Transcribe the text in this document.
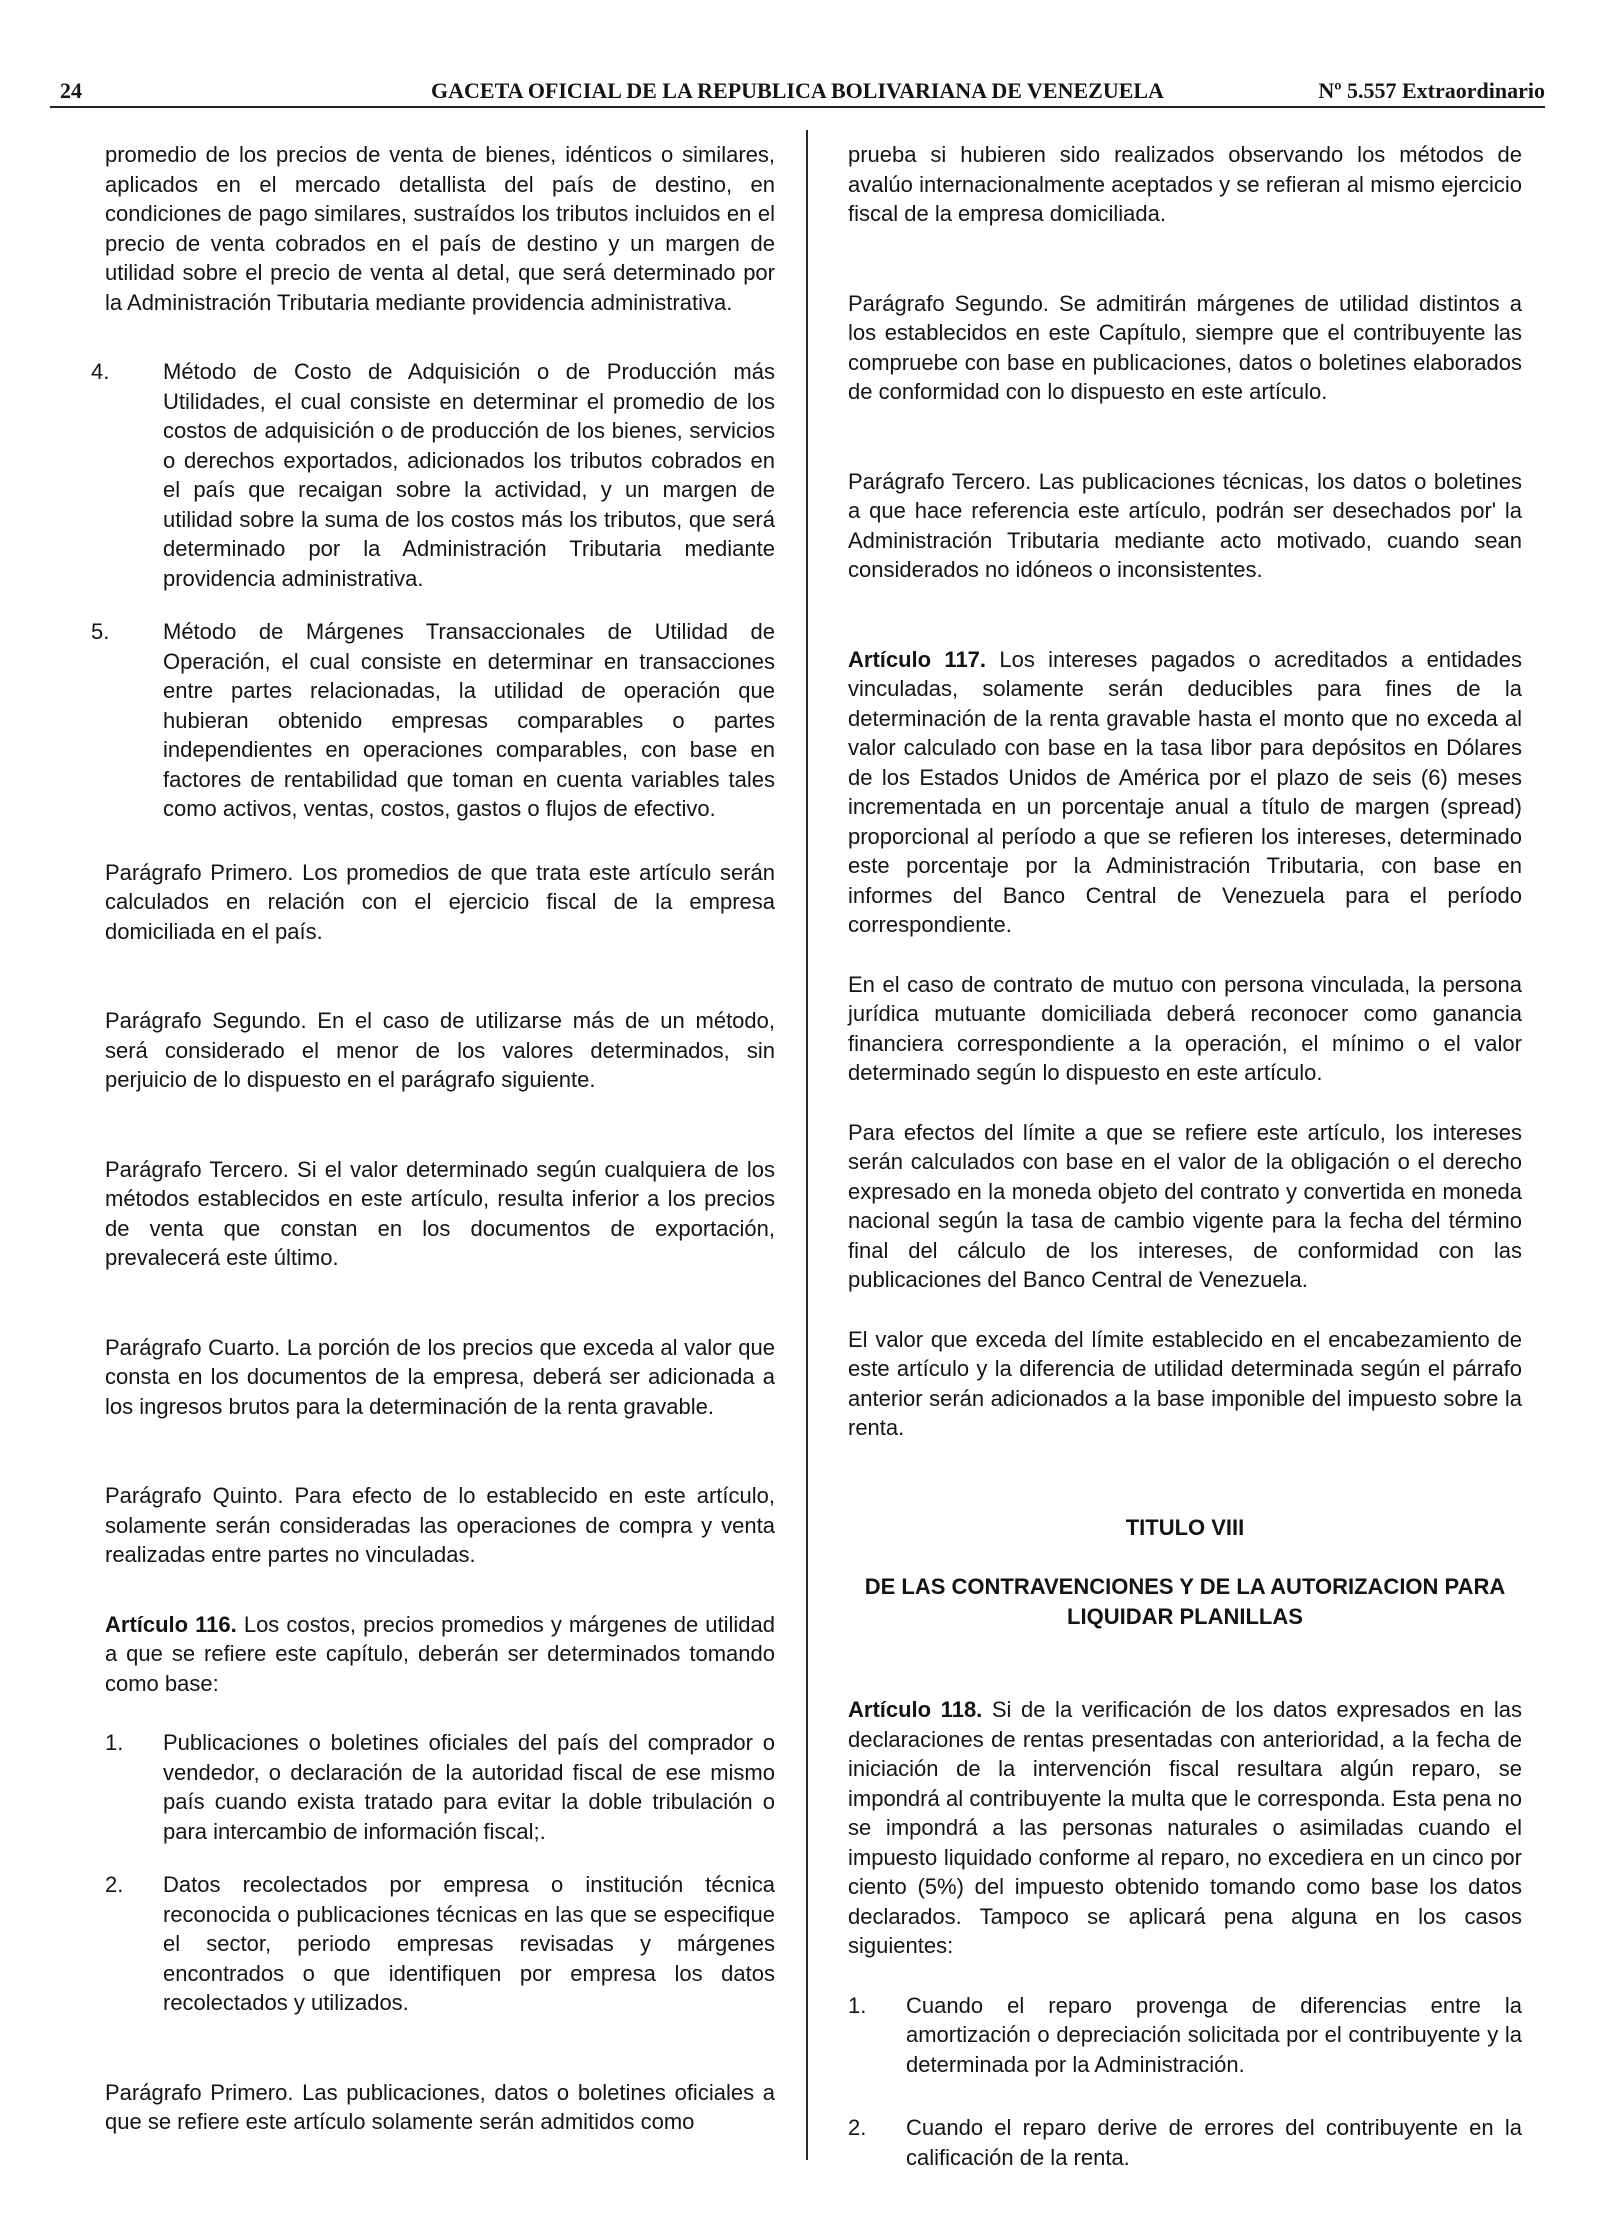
24	GACETA OFICIAL DE LA REPUBLICA BOLIVARIANA DE VENEZUELA	Nº 5.557 Extraordinario

promedio de los precios de venta de bienes, idénticos o similares, aplicados en el mercado detallista del país de destino, en condiciones de pago similares, sustraídos los tributos incluidos en el precio de venta cobrados en el país de destino y un margen de utilidad sobre el precio de venta al detal, que será determinado por la Administración Tributaria mediante providencia administrativa.

4. Método de Costo de Adquisición o de Producción más Utilidades, el cual consiste en determinar el promedio de los costos de adquisición o de producción de los bienes, servicios o derechos exportados, adicionados los tributos cobrados en el país que recaigan sobre la actividad, y un margen de utilidad sobre la suma de los costos más los tributos, que será determinado por la Administración Tributaria mediante providencia administrativa.
5. Método de Márgenes Transaccionales de Utilidad de Operación, el cual consiste en determinar en transacciones entre partes relacionadas, la utilidad de operación que hubieran obtenido empresas comparables o partes independientes en operaciones comparables, con base en factores de rentabilidad que toman en cuenta variables tales como activos, ventas, costos, gastos o flujos de efectivo.

Parágrafo Primero. Los promedios de que trata este artículo serán calculados en relación con el ejercicio fiscal de la empresa domiciliada en el país.

Parágrafo Segundo. En el caso de utilizarse más de un método, será considerado el menor de los valores determinados, sin perjuicio de lo dispuesto en el parágrafo siguiente.

Parágrafo Tercero. Si el valor determinado según cualquiera de los métodos establecidos en este artículo, resulta inferior a los precios de venta que constan en los documentos de exportación, prevalecerá este último.

Parágrafo Cuarto. La porción de los precios que exceda al valor que consta en los documentos de la empresa, deberá ser adicionada a los ingresos brutos para la determinación de la renta gravable.

Parágrafo Quinto. Para efecto de lo establecido en este artículo, solamente serán consideradas las operaciones de compra y venta realizadas entre partes no vinculadas.

Artículo 116. Los costos, precios promedios y márgenes de utilidad a que se refiere este capítulo, deberán ser determinados tomando como base:

1. Publicaciones o boletines oficiales del país del comprador o vendedor, o declaración de la autoridad fiscal de ese mismo país cuando exista tratado para evitar la doble tribulación o para intercambio de información fiscal;.
2. Datos recolectados por empresa o institución técnica reconocida o publicaciones técnicas en las que se especifique el sector, periodo empresas revisadas y márgenes encontrados o que identifiquen por empresa los datos recolectados y utilizados.

Parágrafo Primero. Las publicaciones, datos o boletines oficiales a que se refiere este artículo solamente serán admitidos como

prueba si hubieren sido realizados observando los métodos de avalúo internacionalmente aceptados y se refieran al mismo ejercicio fiscal de la empresa domiciliada.

Parágrafo Segundo. Se admitirán márgenes de utilidad distintos a los establecidos en este Capítulo, siempre que el contribuyente las compruebe con base en publicaciones, datos o boletines elaborados de conformidad con lo dispuesto en este artículo.

Parágrafo Tercero. Las publicaciones técnicas, los datos o boletines a que hace referencia este artículo, podrán ser desechados por' la Administración Tributaria mediante acto motivado, cuando sean considerados no idóneos o inconsistentes.

Artículo 117. Los intereses pagados o acreditados a entidades vinculadas, solamente serán deducibles para fines de la determinación de la renta gravable hasta el monto que no exceda al valor calculado con base en la tasa libor para depósitos en Dólares de los Estados Unidos de América por el plazo de seis (6) meses incrementada en un porcentaje anual a título de margen (spread) proporcional al período a que se refieren los intereses, determinado este porcentaje por la Administración Tributaria, con base en informes del Banco Central de Venezuela para el período correspondiente.

En el caso de contrato de mutuo con persona vinculada, la persona jurídica mutuante domiciliada deberá reconocer como ganancia financiera correspondiente a la operación, el mínimo o el valor determinado según lo dispuesto en este artículo.

Para efectos del límite a que se refiere este artículo, los intereses serán calculados con base en el valor de la obligación o el derecho expresado en la moneda objeto del contrato y convertida en moneda nacional según la tasa de cambio vigente para la fecha del término final del cálculo de los intereses, de conformidad con las publicaciones del Banco Central de Venezuela.

El valor que exceda del límite establecido en el encabezamiento de este artículo y la diferencia de utilidad determinada según el párrafo anterior serán adicionados a la base imponible del impuesto sobre la renta.

TITULO VIII
DE LAS CONTRAVENCIONES Y DE LA AUTORIZACION PARA LIQUIDAR PLANILLAS

Artículo 118. Si de la verificación de los datos expresados en las declaraciones de rentas presentadas con anterioridad, a la fecha de iniciación de la intervención fiscal resultara algún reparo, se impondrá al contribuyente la multa que le corresponda. Esta pena no se impondrá a las personas naturales o asimiladas cuando el impuesto liquidado conforme al reparo, no excediera en un cinco por ciento (5%) del impuesto obtenido tomando como base los datos declarados. Tampoco se aplicará pena alguna en los casos siguientes:

1. Cuando el reparo provenga de diferencias entre la amortización o depreciación solicitada por el contribuyente y la determinada por la Administración.
2. Cuando el reparo derive de errores del contribuyente en la calificación de la renta.
